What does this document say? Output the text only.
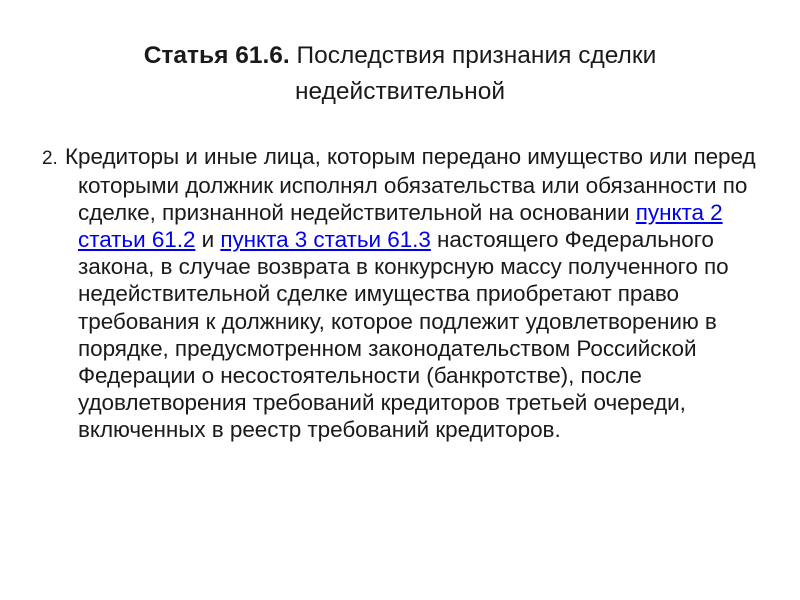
Статья 61.6. Последствия признания сделки недействительной

2. Кредиторы и иные лица, которым передано имущество или перед которыми должник исполнял обязательства или обязанности по сделке, признанной недействительной на основании пункта 2 статьи 61.2 и пункта 3 статьи 61.3 настоящего Федерального закона, в случае возврата в конкурсную массу полученного по недействительной сделке имущества приобретают право требования к должнику, которое подлежит удовлетворению в порядке, предусмотренном законодательством Российской Федерации о несостоятельности (банкротстве), после удовлетворения требований кредиторов третьей очереди, включенных в реестр требований кредиторов.
